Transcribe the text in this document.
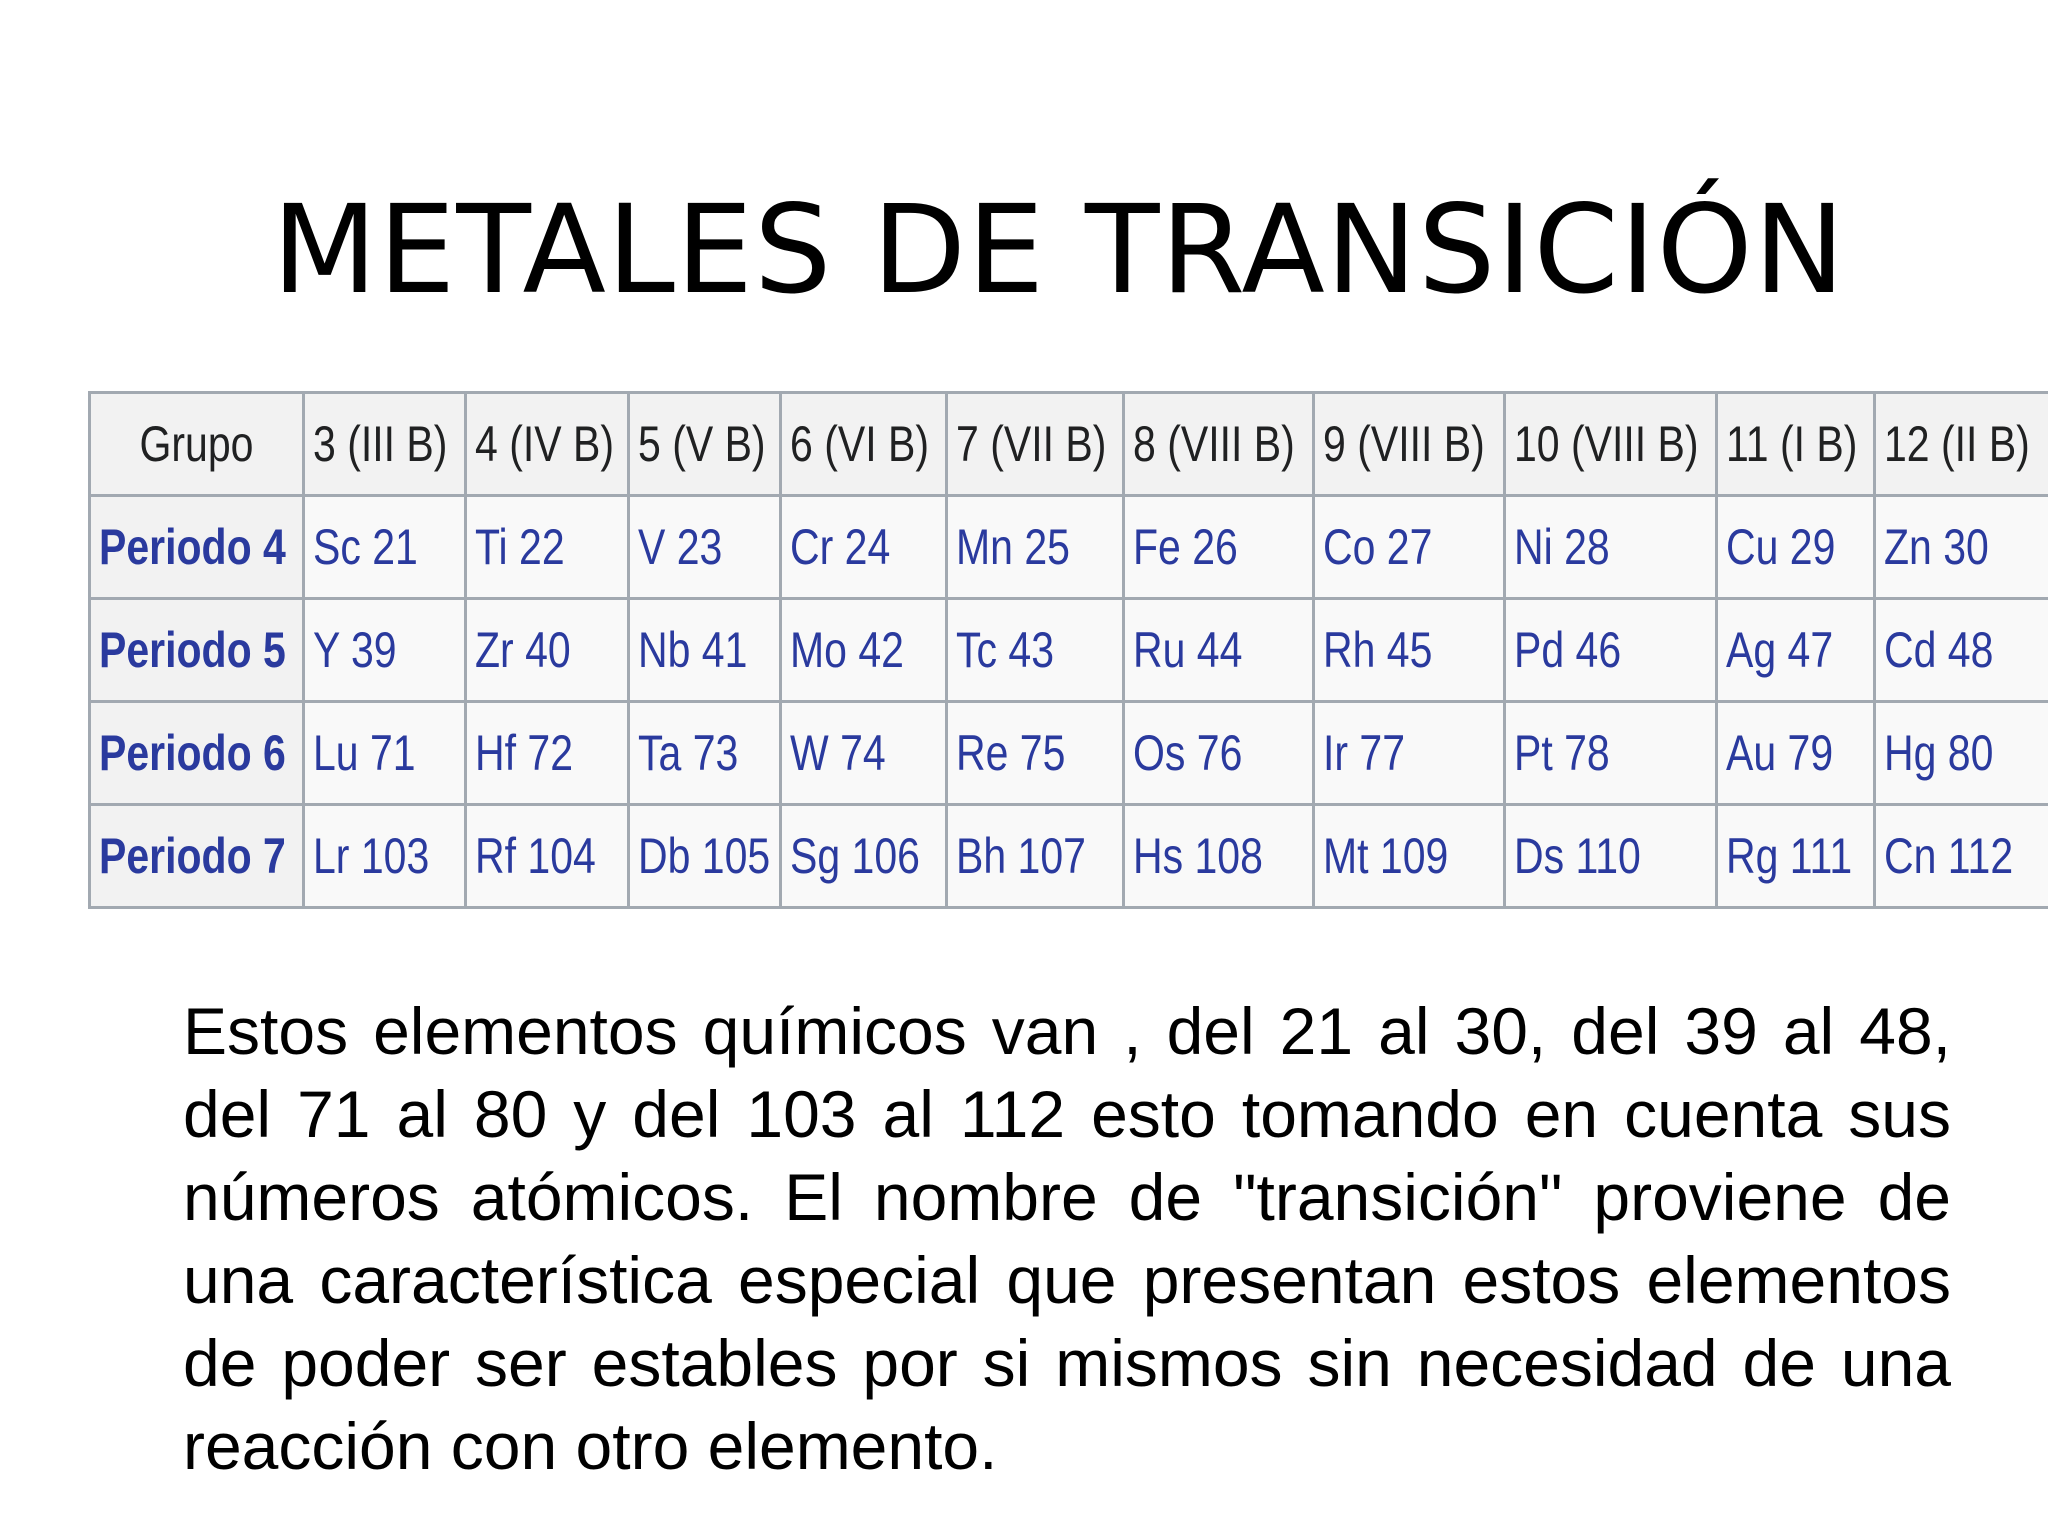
METALES DE TRANSICIÓN
Grupo	3 (III B)	4 (IV B)	5 (V B)	6 (VI B)	7 (VII B)	8 (VIII B)	9 (VIII B)	10 (VIII B)	11 (I B)	12 (II B)
Periodo 4	Sc 21	Ti 22	V 23	Cr 24	Mn 25	Fe 26	Co 27	Ni 28	Cu 29	Zn 30
Periodo 5	Y 39	Zr 40	Nb 41	Mo 42	Tc 43	Ru 44	Rh 45	Pd 46	Ag 47	Cd 48
Periodo 6	Lu 71	Hf 72	Ta 73	W 74	Re 75	Os 76	Ir 77	Pt 78	Au 79	Hg 80
Periodo 7	Lr 103	Rf 104	Db 105	Sg 106	Bh 107	Hs 108	Mt 109	Ds 110	Rg 111	Cn 112
Estos elementos químicos van , del 21 al 30, del 39 al 48, del 71 al 80 y del 103 al 112 esto tomando en cuenta sus números atómicos. El nombre de "transición" proviene de una característica especial que presentan estos elementos de poder ser estables por si mismos sin necesidad de una reacción con otro elemento.
